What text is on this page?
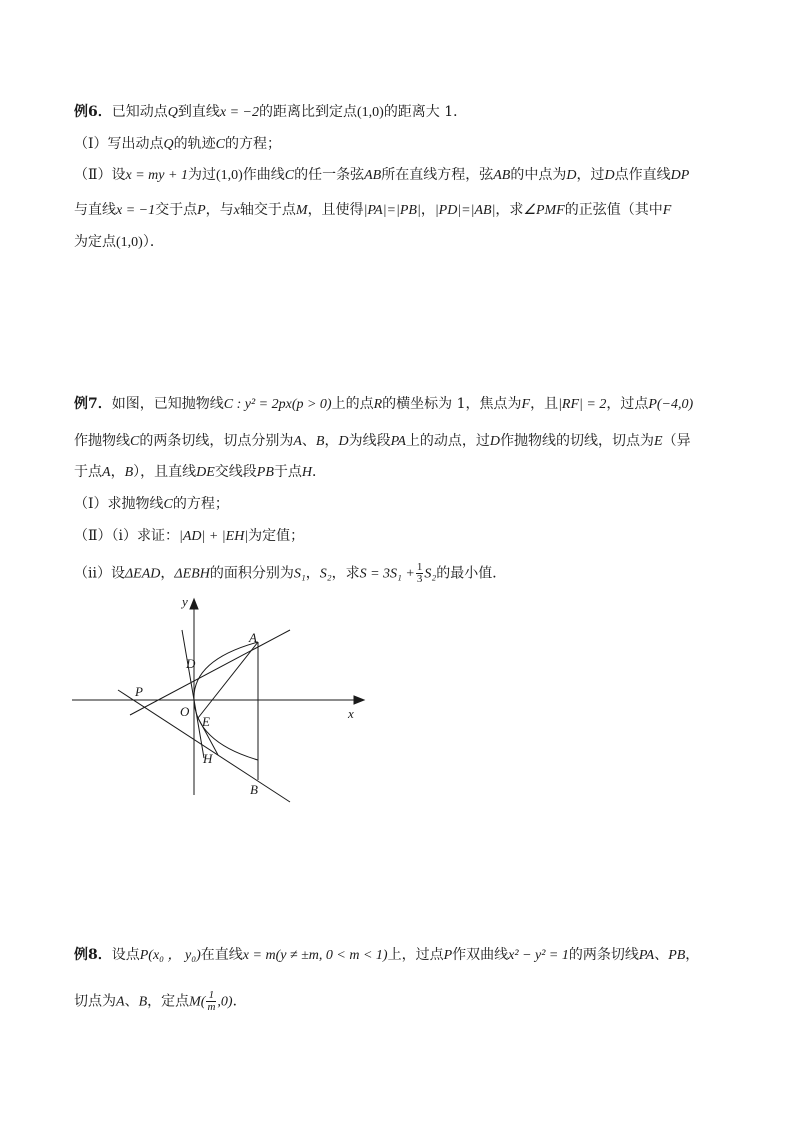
例6．已知动点Q到直线x = −2的距离比到定点(1,0)的距离大 1．
（Ⅰ）写出动点Q的轨迹C的方程；
（Ⅱ）设x = my + 1为过(1,0)作曲线C的任一条弦AB所在直线方程，弦AB的中点为D，过D点作直线DP
与直线x = −1交于点P，与x轴交于点M，且使得|PA|=|PB|，|PD|=|AB|，求∠PMF的正弦值（其中F
为定点(1,0)）．
例7．如图，已知抛物线C : y² = 2px(p > 0)上的点R的横坐标为 1，焦点为F，且|RF| = 2，过点P(−4,0)
作抛物线C的两条切线，切点分别为A、B，D为线段PA上的动点，过D作抛物线的切线，切点为E（异
于点A，B），且直线DE交线段PB于点H．
（Ⅰ）求抛物线C的方程；
（Ⅱ）（ⅰ）求证：|AD| + |EH|为定值；
（ⅱ）设ΔEAD，ΔEBH的面积分别为S₁，S₂，求$S = 3S_1 + \frac{1}{3} S_2$的最小值．
y
x
A
D
P
O
E
H
B
例8．设点P(x₀ ， y₀)在直线x = m(y ≠ ±m, 0 < m < 1)上，过点P作双曲线x² − y² = 1的两条切线PA、PB，
切点为A、B，定点$M( \frac{1}{m} ,0)$．
